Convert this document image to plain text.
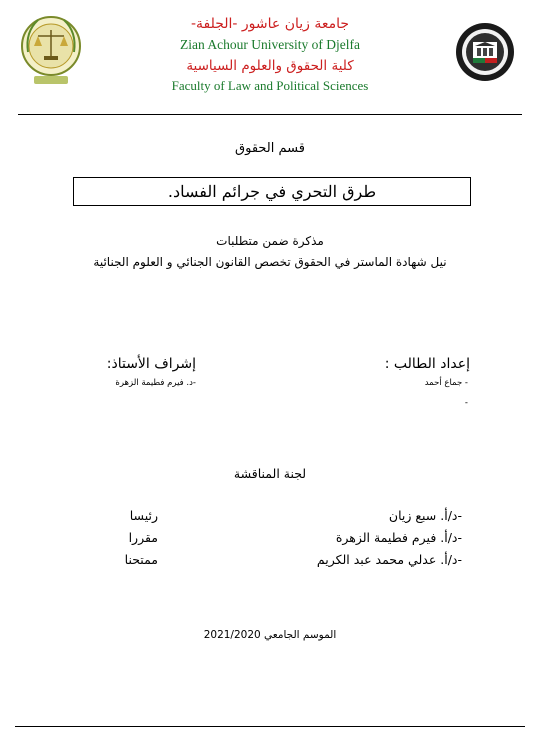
جامعة زيان عاشور -الجلفة-
Zian Achour University of Djelfa
كلية الحقوق والعلوم السياسية
Faculty of Law and Political Sciences
قسم الحقوق
طرق التحري في جرائم الفساد.
مذكرة ضمن متطلبات
نيل شهادة الماستر في الحقوق تخصص القانون الجنائي و العلوم الجنائية
إعداد الطالب :
- جماع أحمد
-
إشراف الأستاذ:
-د. فيرم فطيمة الزهرة
لجنة المناقشة
-د/أ. سبع زيان
رئيسا
-د/أ. فيرم فطيمة الزهرة
مقررا
-د/أ. عدلي محمد عبد الكريم
ممتحنا
الموسم الجامعي 2021/2020
